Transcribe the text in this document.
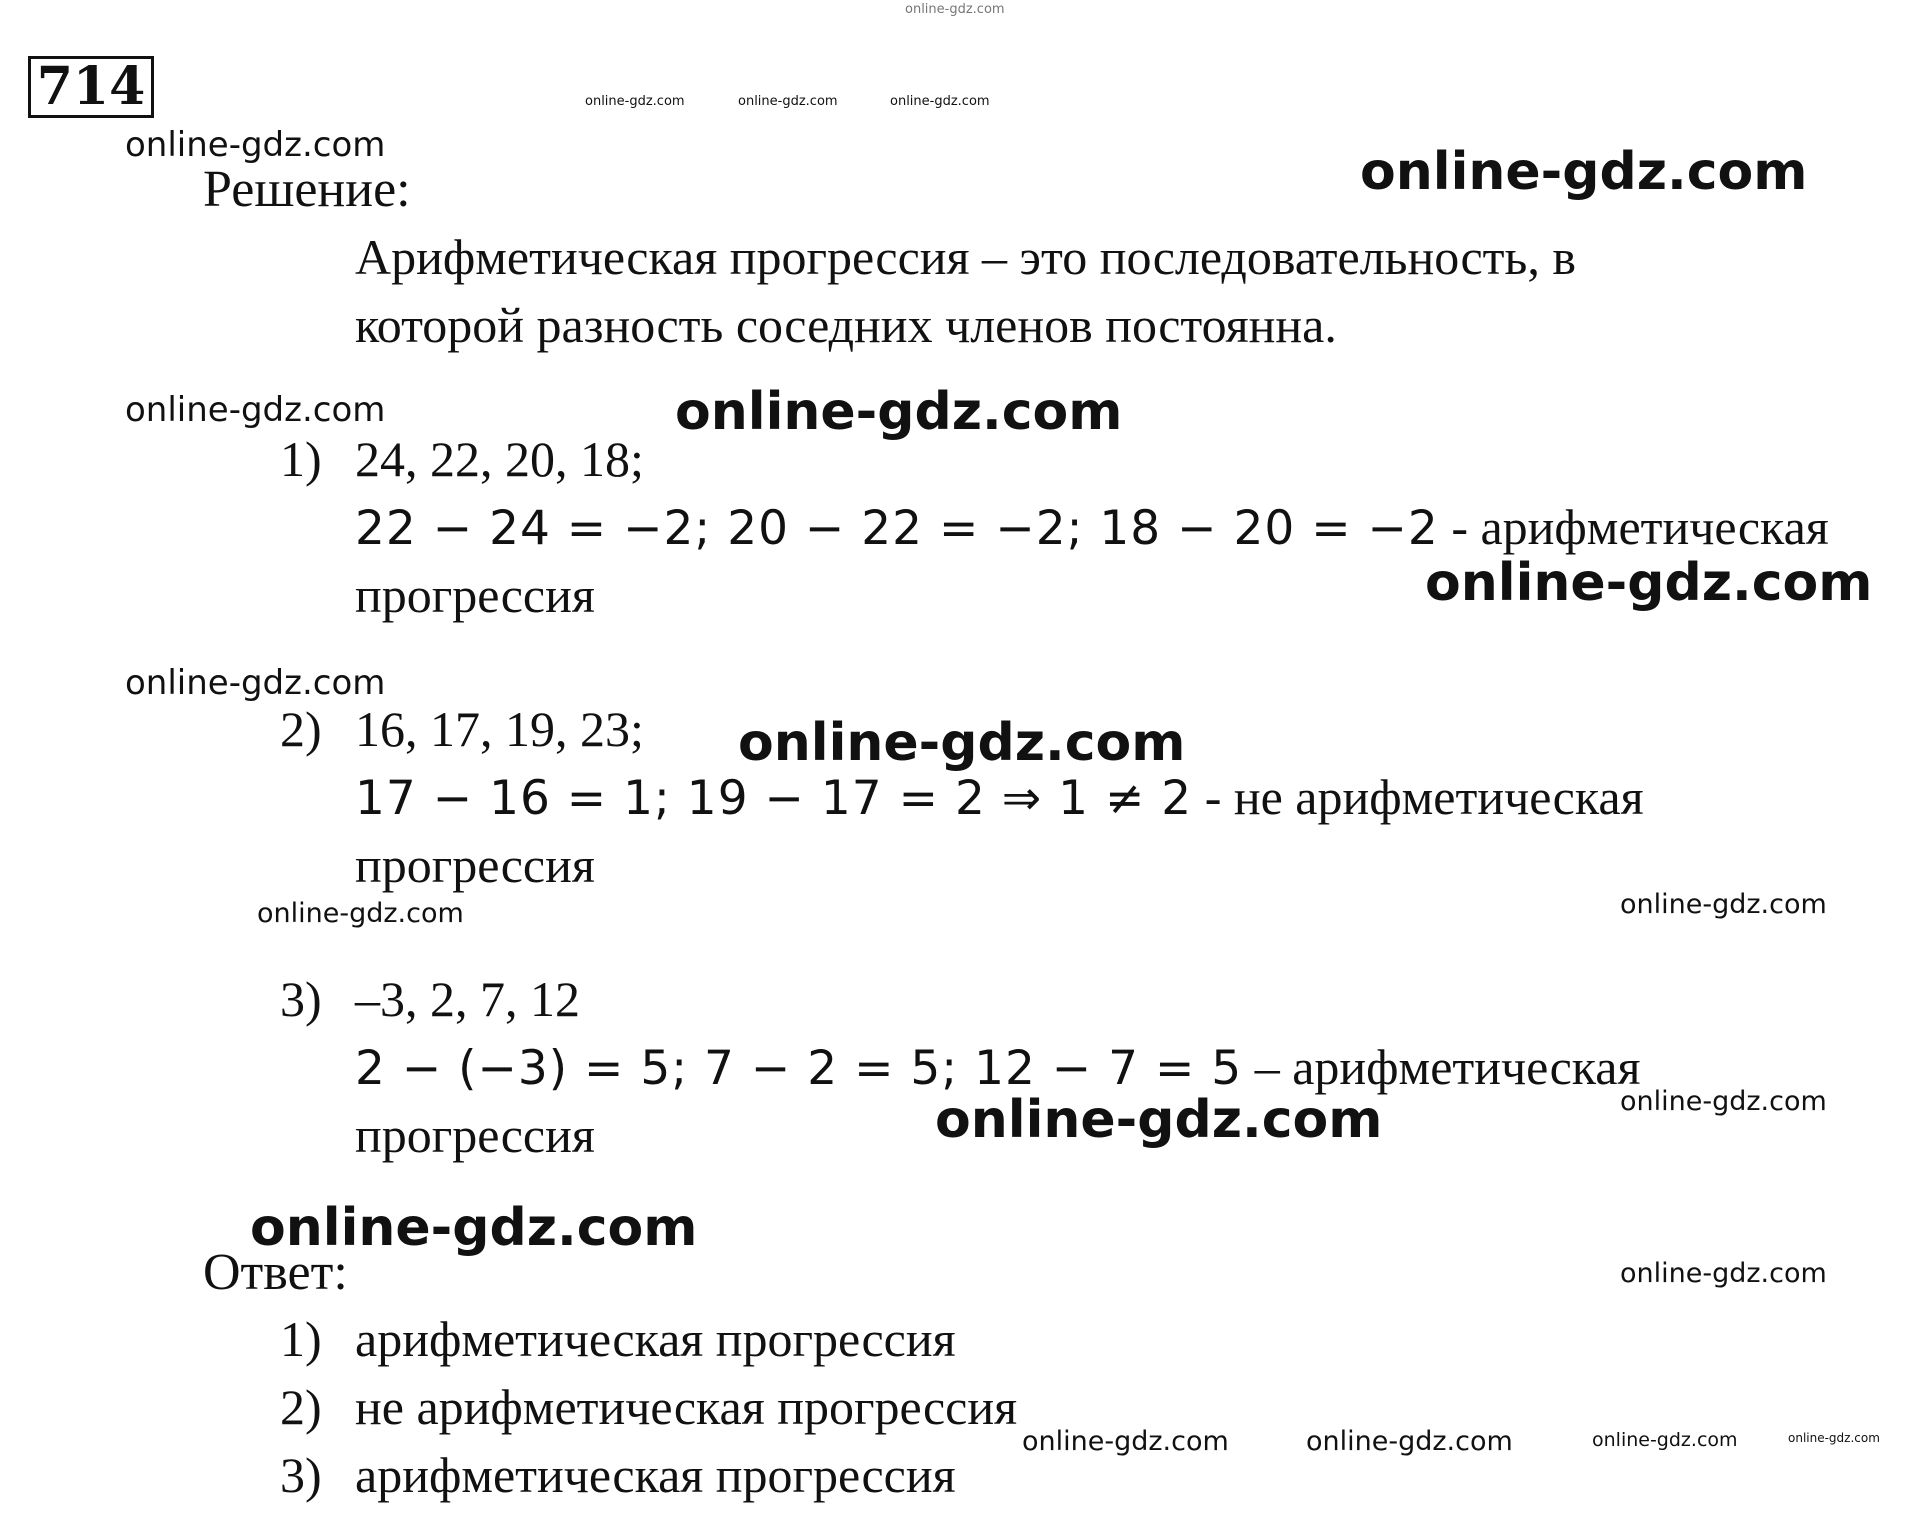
714
online-gdz.com
online-gdz.com	online-gdz.com	online-gdz.com
online-gdz.com	online-gdz.com
online-gdz.com	online-gdz.com
online-gdz.com
online-gdz.com
online-gdz.com
online-gdz.com	online-gdz.com
online-gdz.com
online-gdz.com
online-gdz.com
online-gdz.com
online-gdz.com	online-gdz.com	online-gdz.com	online-gdz.com
Решение:
Арифметическая прогрессия – это последовательность, в
которой разность соседних членов постоянна.
1) 24, 22, 20, 18;
22 − 24 = −2; 20 − 22 = −2; 18 − 20 = −2 - арифметическая
прогрессия
2) 16, 17, 19, 23;
17 − 16 = 1; 19 − 17 = 2 ⇒ 1 ≠ 2 - не арифметическая
прогрессия
3) –3, 2, 7, 12
2 − (−3) = 5; 7 − 2 = 5; 12 − 7 = 5 – арифметическая
прогрессия
Ответ:
1) арифметическая прогрессия
2) не арифметическая прогрессия
3) арифметическая прогрессия
